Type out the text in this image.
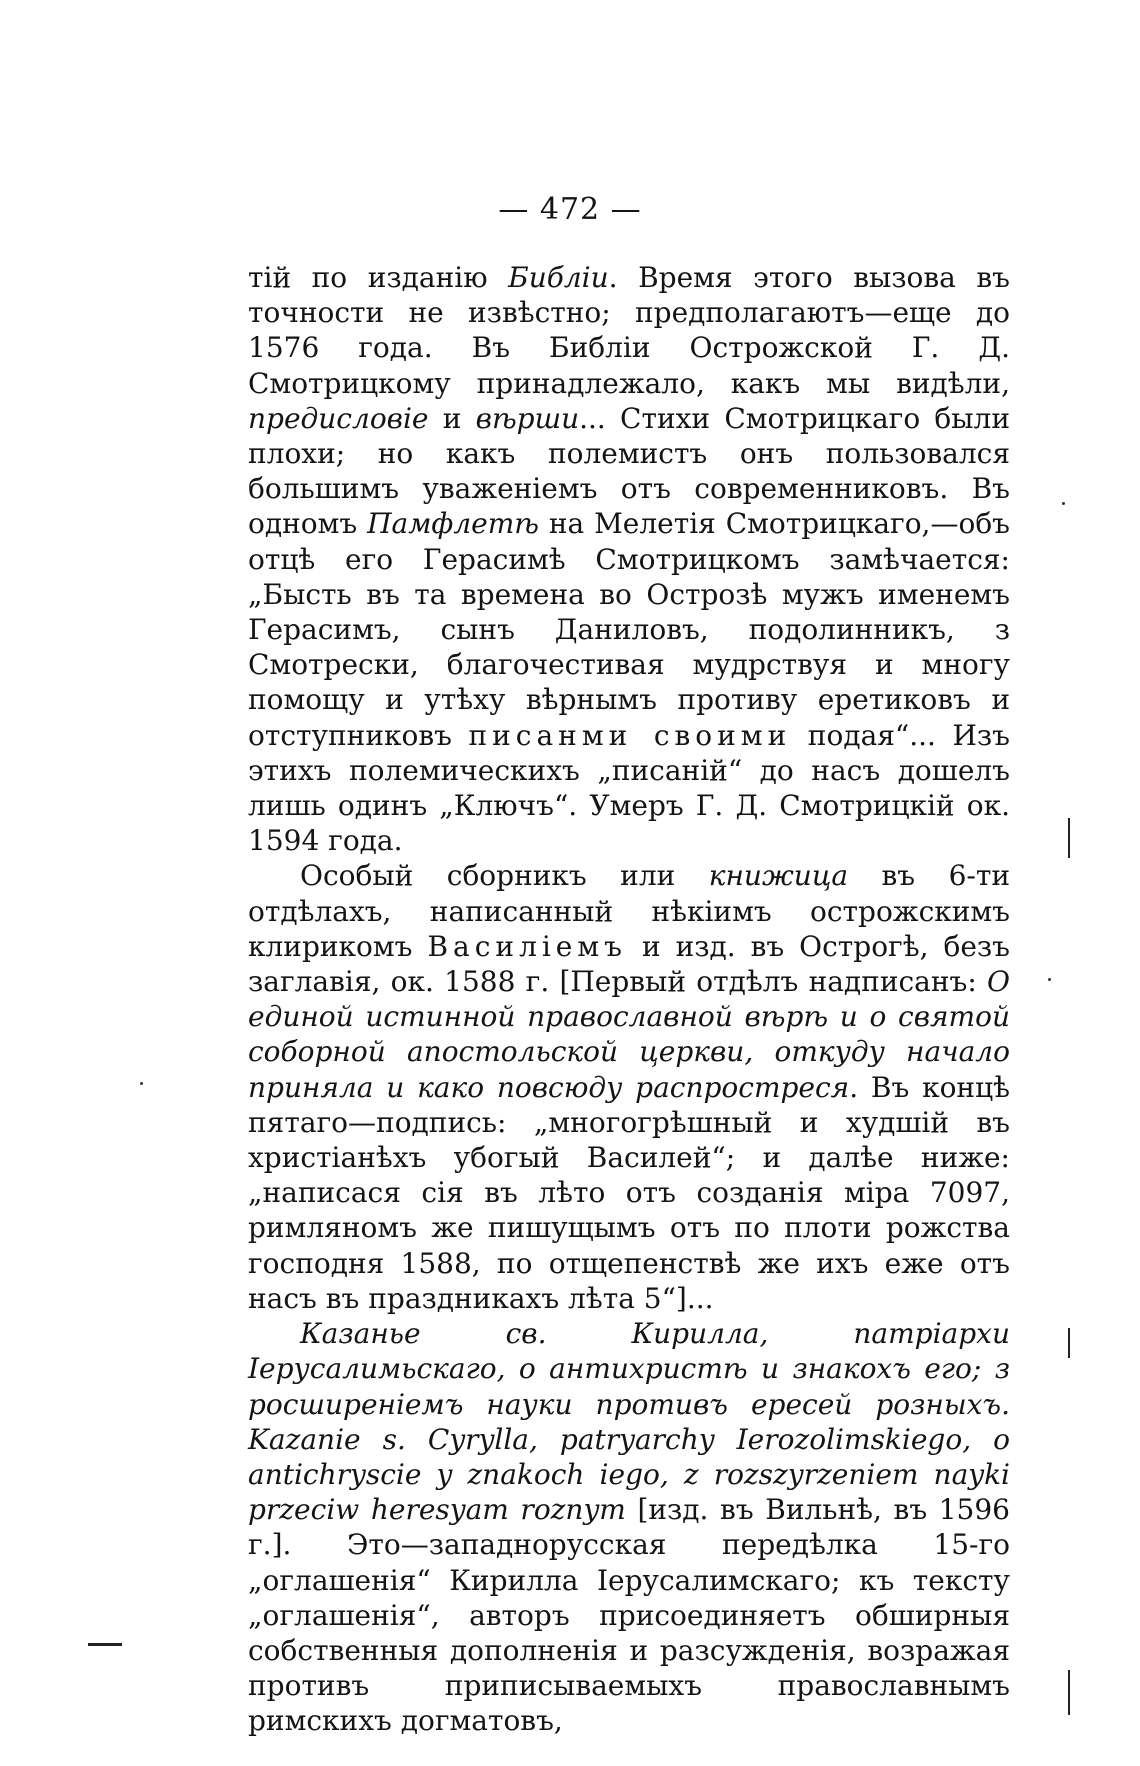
— 472 —

тій по изданію Библіи. Время этого вызова въ точности не извѣстно; предполагаютъ—еще до 1576 года. Въ Библіи Острожской Г. Д. Смотрицкому принадлежало, какъ мы видѣли, предисловіе и вѣрши... Стихи Смотрицкаго были плохи; но какъ полемистъ онъ пользовался большимъ уваженіемъ отъ современниковъ. Въ одномъ Памфлетѣ на Мелетія Смотрицкаго,—объ отцѣ его Герасимѣ Смотрицкомъ замѣчается: „Бысть въ та времена во Острозѣ мужъ именемъ Герасимъ, сынъ Даниловъ, подолинникъ, з Смотрески, благочестивая мудрствуя и многу помощу и утѣху вѣрнымъ противу еретиковъ и отступниковъ писанми своими подая“... Изъ этихъ полемическихъ „писаній“ до насъ дошелъ лишь одинъ „Ключъ“. Умеръ Г. Д. Смотрицкій ок. 1594 года.

Особый сборникъ или книжица въ 6-ти отдѣлахъ, написанный нѣкіимъ острожскимъ клирикомъ Василіемъ и изд. въ Острогѣ, безъ заглавія, ок. 1588 г. [Первый отдѣлъ надписанъ: О единой истинной православной вѣрѣ и о святой соборной апостольской церкви, откуду начало приняла и како повсюду распростреся. Въ концѣ пятаго—подпись: „многогрѣшный и худшій въ христіанѣхъ убогый Василей“; и далѣе ниже: „написася сія въ лѣто отъ созданія міра 7097, римляномъ же пишущымъ отъ по плоти рожства господня 1588, по отщепенствѣ же ихъ еже отъ насъ въ праздникахъ лѣта 5“]...

Казанье св. Кирилла, патріархи Іерусалимьскаго, о антихристѣ и знакохъ его; з росширеніемъ науки противъ ересей розныхъ. Kazanie s. Cyrylla, patryarchy Ierozolimskiego, o antichryscie y znakoch iego, z rozszyrzeniem nayki przeciw heresyam roznym [изд. въ Вильнѣ, въ 1596 г.]. Это—западнорусская передѣлка 15-го „оглашенія“ Кирилла Іерусалимскаго; къ тексту „оглашенія“, авторъ присоединяетъ обширныя собственныя дополненія и разсужденія, возражая противъ приписываемыхъ православнымъ римскихъ догматовъ,
